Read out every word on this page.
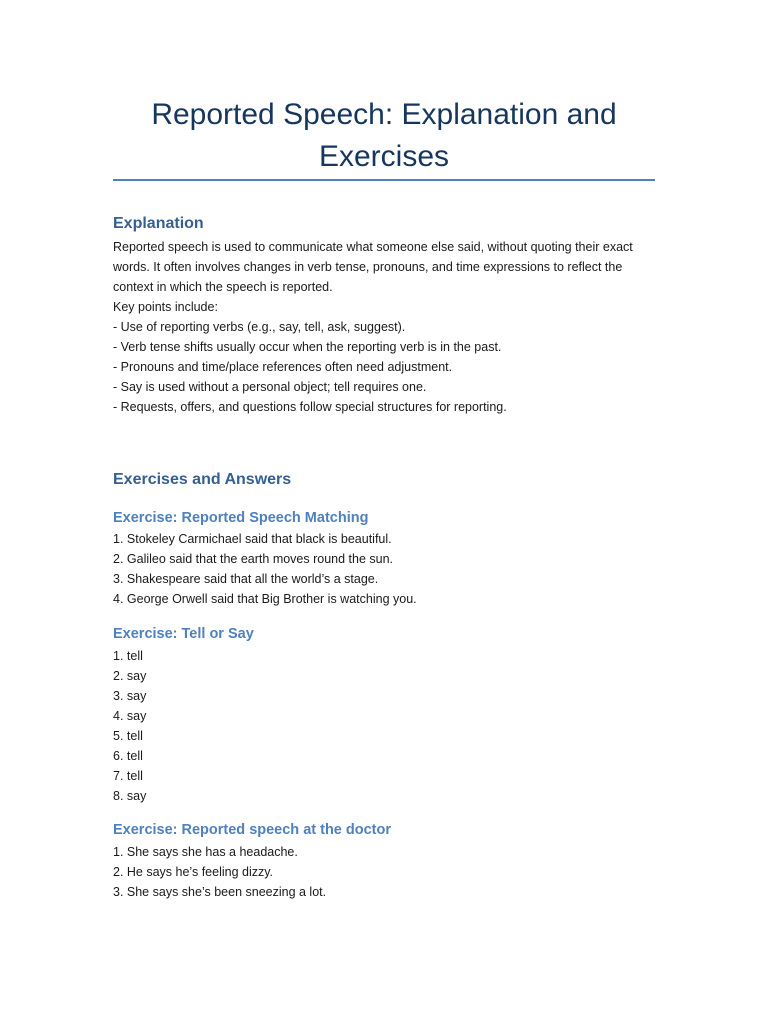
Reported Speech: Explanation and Exercises
Explanation

Reported speech is used to communicate what someone else said, without quoting their exact words. It often involves changes in verb tense, pronouns, and time expressions to reflect the context in which the speech is reported.

Key points include:

- Use of reporting verbs (e.g., say, tell, ask, suggest).
- Verb tense shifts usually occur when the reporting verb is in the past.
- Pronouns and time/place references often need adjustment.
- Say is used without a personal object; tell requires one.
- Requests, offers, and questions follow special structures for reporting.
Exercises and Answers
Exercise: Reported Speech Matching
1. Stokeley Carmichael said that black is beautiful.
2. Galileo said that the earth moves round the sun.
3. Shakespeare said that all the world’s a stage.
4. George Orwell said that Big Brother is watching you.
Exercise: Tell or Say
1. tell
2. say
3. say
4. say
5. tell
6. tell
7. tell
8. say
Exercise: Reported speech at the doctor
1. She says she has a headache.
2. He says he’s feeling dizzy.
3. She says she’s been sneezing a lot.
